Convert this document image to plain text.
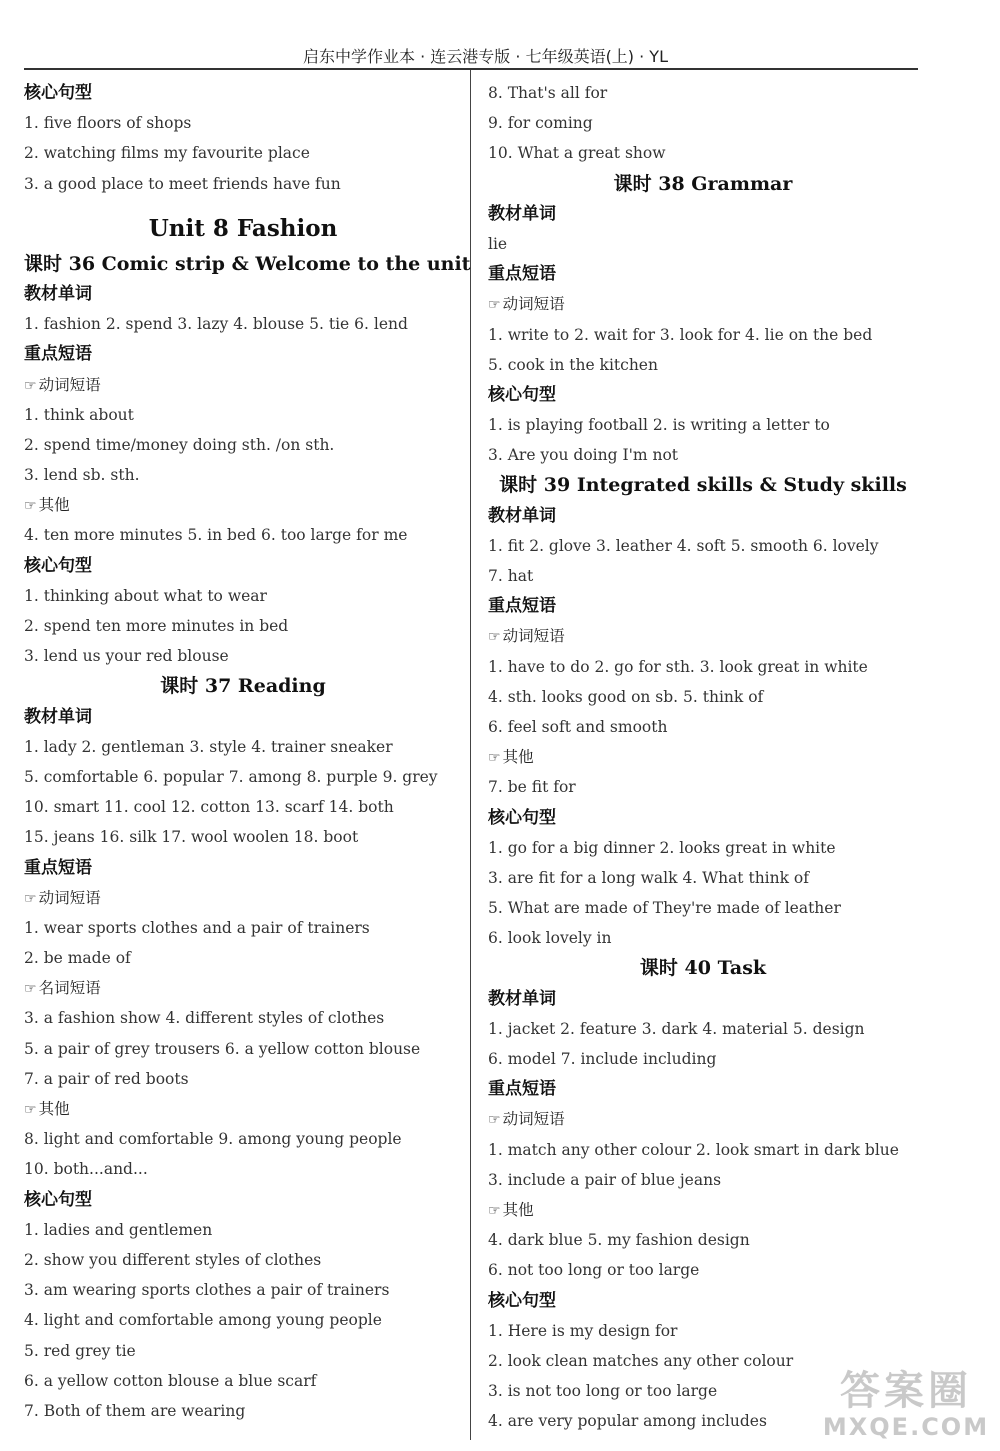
启东中学作业本 · 连云港专版 · 七年级英语(上) · YL
核心句型
1. five floors of shops
2. watching films my favourite place
3. a good place to meet friends have fun
Unit 8 Fashion
课时 36 Comic strip & Welcome to the unit
教材单词
1. fashion 2. spend 3. lazy 4. blouse 5. tie 6. lend
重点短语
☞ 动词短语
1. think about
2. spend time/money doing sth. /on sth.
3. lend sb. sth.
☞ 其他
4. ten more minutes 5. in bed 6. too large for me
核心句型
1. thinking about what to wear
2. spend ten more minutes in bed
3. lend us your red blouse
课时 37 Reading
教材单词
1. lady 2. gentleman 3. style 4. trainer sneaker
5. comfortable 6. popular 7. among 8. purple 9. grey
10. smart 11. cool 12. cotton 13. scarf 14. both
15. jeans 16. silk 17. wool woolen 18. boot
重点短语
☞ 动词短语
1. wear sports clothes and a pair of trainers
2. be made of
☞ 名词短语
3. a fashion show 4. different styles of clothes
5. a pair of grey trousers 6. a yellow cotton blouse
7. a pair of red boots
☞ 其他
8. light and comfortable 9. among young people
10. both...and...
核心句型
1. ladies and gentlemen
2. show you different styles of clothes
3. am wearing sports clothes a pair of trainers
4. light and comfortable among young people
5. red grey tie
6. a yellow cotton blouse a blue scarf
7. Both of them are wearing
8. That's all for
9. for coming
10. What a great show
课时 38 Grammar
教材单词
lie
重点短语
☞ 动词短语
1. write to 2. wait for 3. look for 4. lie on the bed
5. cook in the kitchen
核心句型
1. is playing football 2. is writing a letter to
3. Are you doing I'm not
课时 39 Integrated skills & Study skills
教材单词
1. fit 2. glove 3. leather 4. soft 5. smooth 6. lovely
7. hat
重点短语
☞ 动词短语
1. have to do 2. go for sth. 3. look great in white
4. sth. looks good on sb. 5. think of
6. feel soft and smooth
☞ 其他
7. be fit for
核心句型
1. go for a big dinner 2. looks great in white
3. are fit for a long walk 4. What think of
5. What are made of They're made of leather
6. look lovely in
课时 40 Task
教材单词
1. jacket 2. feature 3. dark 4. material 5. design
6. model 7. include including
重点短语
☞ 动词短语
1. match any other colour 2. look smart in dark blue
3. include a pair of blue jeans
☞ 其他
4. dark blue 5. my fashion design
6. not too long or too large
核心句型
1. Here is my design for
2. look clean matches any other colour
3. is not too long or too large
4. are very popular among includes
答案圈
MXQE.COM
